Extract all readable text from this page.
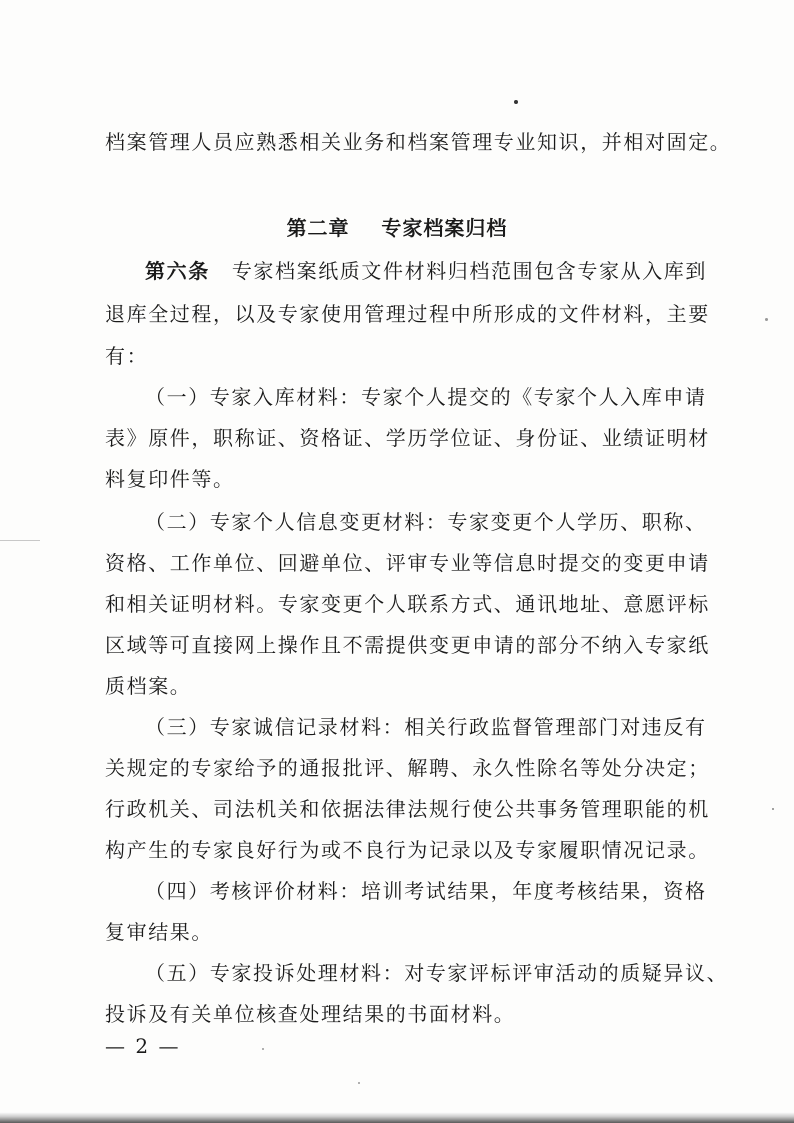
档案管理人员应熟悉相关业务和档案管理专业知识，并相对固定。
第二章 专家档案归档
第六条 专家档案纸质文件材料归档范围包含专家从入库到
退库全过程，以及专家使用管理过程中所形成的文件材料，主要
有：
（一）专家入库材料：专家个人提交的《专家个人入库申请
表》原件，职称证、资格证、学历学位证、身份证、业绩证明材
料复印件等。
（二）专家个人信息变更材料：专家变更个人学历、职称、
资格、工作单位、回避单位、评审专业等信息时提交的变更申请
和相关证明材料。专家变更个人联系方式、通讯地址、意愿评标
区域等可直接网上操作且不需提供变更申请的部分不纳入专家纸
质档案。
（三）专家诚信记录材料：相关行政监督管理部门对违反有
关规定的专家给予的通报批评、解聘、永久性除名等处分决定；
行政机关、司法机关和依据法律法规行使公共事务管理职能的机
构产生的专家良好行为或不良行为记录以及专家履职情况记录。
（四）考核评价材料：培训考试结果，年度考核结果，资格
复审结果。
（五）专家投诉处理材料：对专家评标评审活动的质疑异议、
投诉及有关单位核查处理结果的书面材料。
— 2 —
